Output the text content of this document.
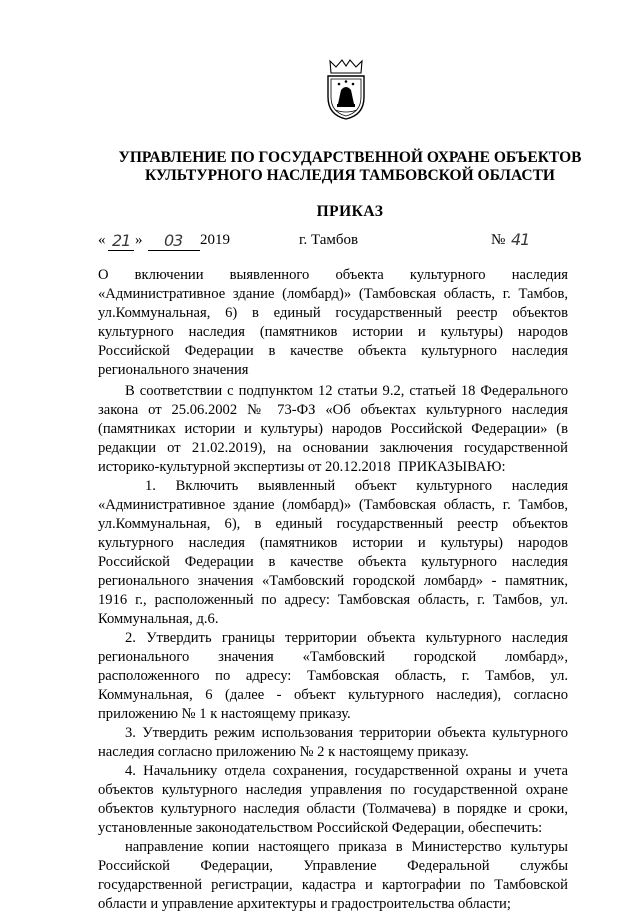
УПРАВЛЕНИЕ ПО ГОСУДАРСТВЕННОЙ ОХРАНЕ ОБЪЕКТОВ
КУЛЬТУРНОГО НАСЛЕДИЯ ТАМБОВСКОЙ ОБЛАСТИ
ПРИКАЗ
« 21 » 03 2019	г. Тамбов	№ 41
О включении выявленного объекта культурного наследия
«Административное здание (ломбард)» (Тамбовская область, г. Тамбов, ул.Коммунальная, 6) в единый государственный реестр объектов культурного наследия (памятников истории и культуры) народов Российской Федерации в качестве объекта культурного наследия регионального значения

В соответствии с подпунктом 12 статьи 9.2, статьей 18 Федерального закона от 25.06.2002 № 73-ФЗ «Об объектах культурного наследия (памятниках истории и культуры) народов Российской Федерации» (в редакции от 21.02.2019), на основании заключения государственной историко-культурной экспертизы от 20.12.2018 ПРИКАЗЫВАЮ:

1. Включить выявленный объект культурного наследия

«Административное здание (ломбард)» (Тамбовская область, г. Тамбов, ул.Коммунальная, 6), в единый государственный реестр объектов культурного наследия (памятников истории и культуры) народов Российской Федерации в качестве объекта культурного наследия регионального значения «Тамбовский городской ломбард» - памятник, 1916 г., расположенный по адресу: Тамбовская область, г. Тамбов, ул. Коммунальная, д.6.

2. Утвердить границы территории объекта культурного наследия регионального значения «Тамбовский городской ломбард», расположенного по адресу: Тамбовская область, г. Тамбов, ул. Коммунальная, 6 (далее - объект культурного наследия), согласно приложению № 1 к настоящему приказу.

3. Утвердить режим использования территории объекта культурного наследия согласно приложению № 2 к настоящему приказу.

4. Начальнику отдела сохранения, государственной охраны и учета объектов культурного наследия управления по государственной охране объектов культурного наследия области (Толмачева) в порядке и сроки, установленные законодательством Российской Федерации, обеспечить:

направление копии настоящего приказа в Министерство культуры Российской Федерации, Управление Федеральной службы государственной регистрации, кадастра и картографии по Тамбовской области и управление архитектуры и градостроительства области;
